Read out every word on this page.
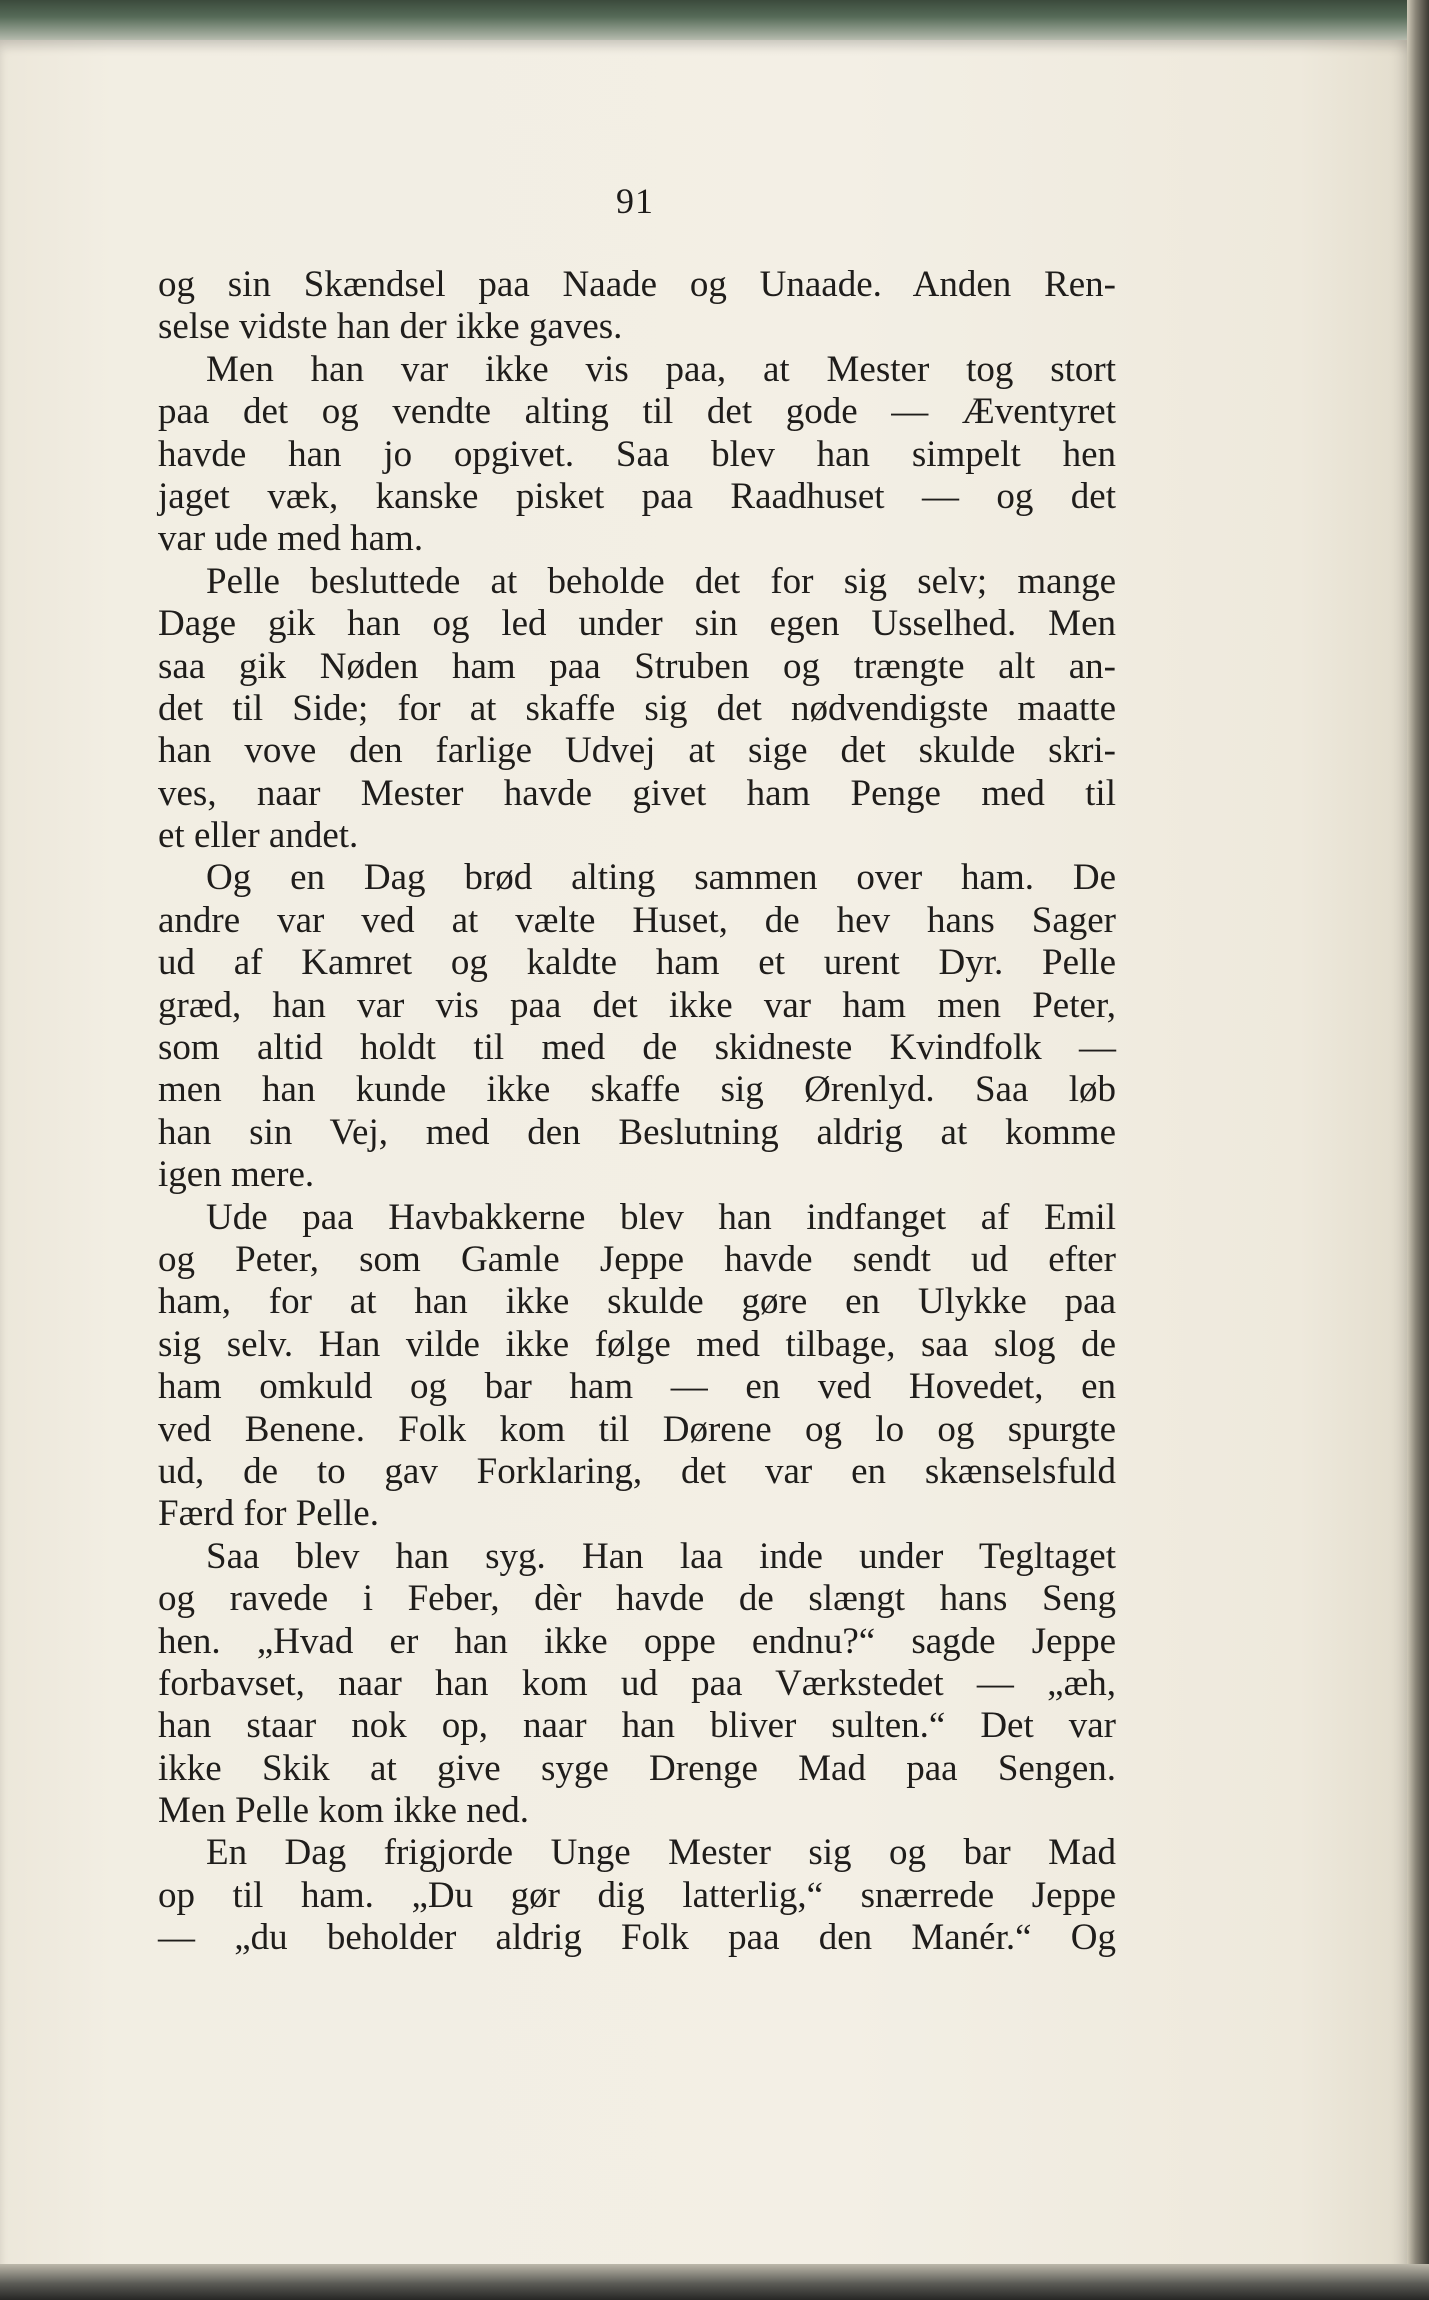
91
og sin Skændsel paa Naade og Unaade. Anden Ren-
selse vidste han der ikke gaves.
Men han var ikke vis paa, at Mester tog stort
paa det og vendte alting til det gode — Æventyret
havde han jo opgivet. Saa blev han simpelt hen
jaget væk, kanske pisket paa Raadhuset — og det
var ude med ham.
Pelle besluttede at beholde det for sig selv; mange
Dage gik han og led under sin egen Usselhed. Men
saa gik Nøden ham paa Struben og trængte alt an-
det til Side; for at skaffe sig det nødvendigste maatte
han vove den farlige Udvej at sige det skulde skri-
ves, naar Mester havde givet ham Penge med til
et eller andet.
Og en Dag brød alting sammen over ham. De
andre var ved at vælte Huset, de hev hans Sager
ud af Kamret og kaldte ham et urent Dyr. Pelle
græd, han var vis paa det ikke var ham men Peter,
som altid holdt til med de skidneste Kvindfolk —
men han kunde ikke skaffe sig Ørenlyd. Saa løb
han sin Vej, med den Beslutning aldrig at komme
igen mere.
Ude paa Havbakkerne blev han indfanget af Emil
og Peter, som Gamle Jeppe havde sendt ud efter
ham, for at han ikke skulde gøre en Ulykke paa
sig selv. Han vilde ikke følge med tilbage, saa slog de
ham omkuld og bar ham — en ved Hovedet, en
ved Benene. Folk kom til Dørene og lo og spurgte
ud, de to gav Forklaring, det var en skænselsfuld
Færd for Pelle.
Saa blev han syg. Han laa inde under Tegltaget
og ravede i Feber, dèr havde de slængt hans Seng
hen. „Hvad er han ikke oppe endnu?“ sagde Jeppe
forbavset, naar han kom ud paa Værkstedet — „æh,
han staar nok op, naar han bliver sulten.“ Det var
ikke Skik at give syge Drenge Mad paa Sengen.
Men Pelle kom ikke ned.
En Dag frigjorde Unge Mester sig og bar Mad
op til ham. „Du gør dig latterlig,“ snærrede Jeppe
— „du beholder aldrig Folk paa den Manér.“ Og
